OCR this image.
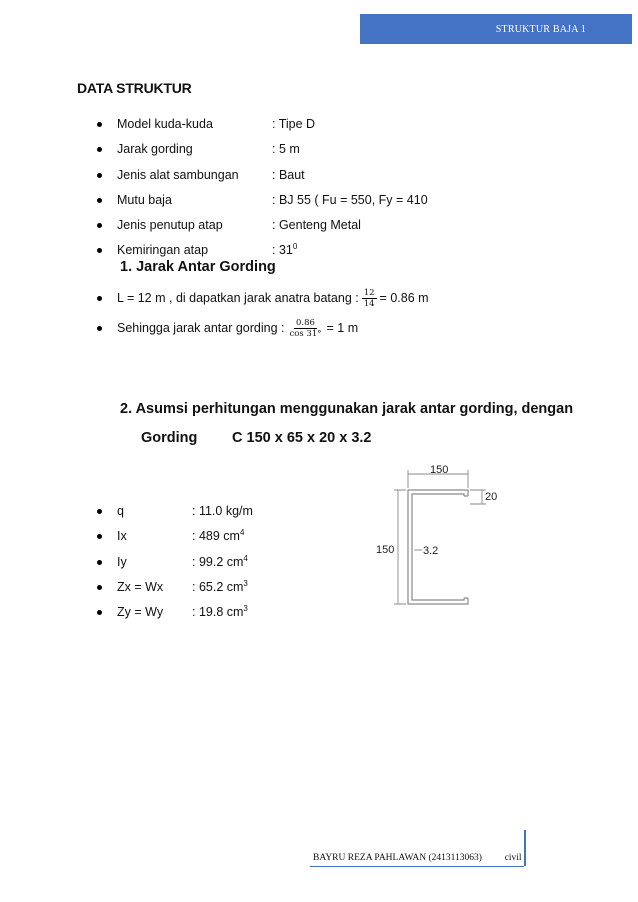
STRUKTUR BAJA 1
DATA STRUKTUR
Model kuda-kuda	: Tipe D
Jarak gording	: 5 m
Jenis alat sambungan	: Baut
Mutu baja	: BJ 55 ( Fu = 550, Fy = 410
Jenis penutup atap	: Genteng Metal
Kemiringan atap	: $31^0$
1. Jarak Antar Gording
L = 12 m , di dapatkan jarak anatra batang : $\frac{12}{14} = 0.86$ m
Sehingga jarak antar gording : $\frac{0.86}{\cos 31^\circ} = 1$ m
2. Asumsi perhitungan menggunakan jarak antar gording, dengan
Gording C 150 x 65 x 20 x 3.2
q	: 11.0 kg/m
Ix	: 489 $cm^4$
Iy	: 99.2 $cm^4$
Zx = Wx : 65.2 $cm^3$
Zy = Wy : 19.8 $cm^3$
150
20
150	3.2
BAYRU REZA PAHLAWAN (2413113063) civil
